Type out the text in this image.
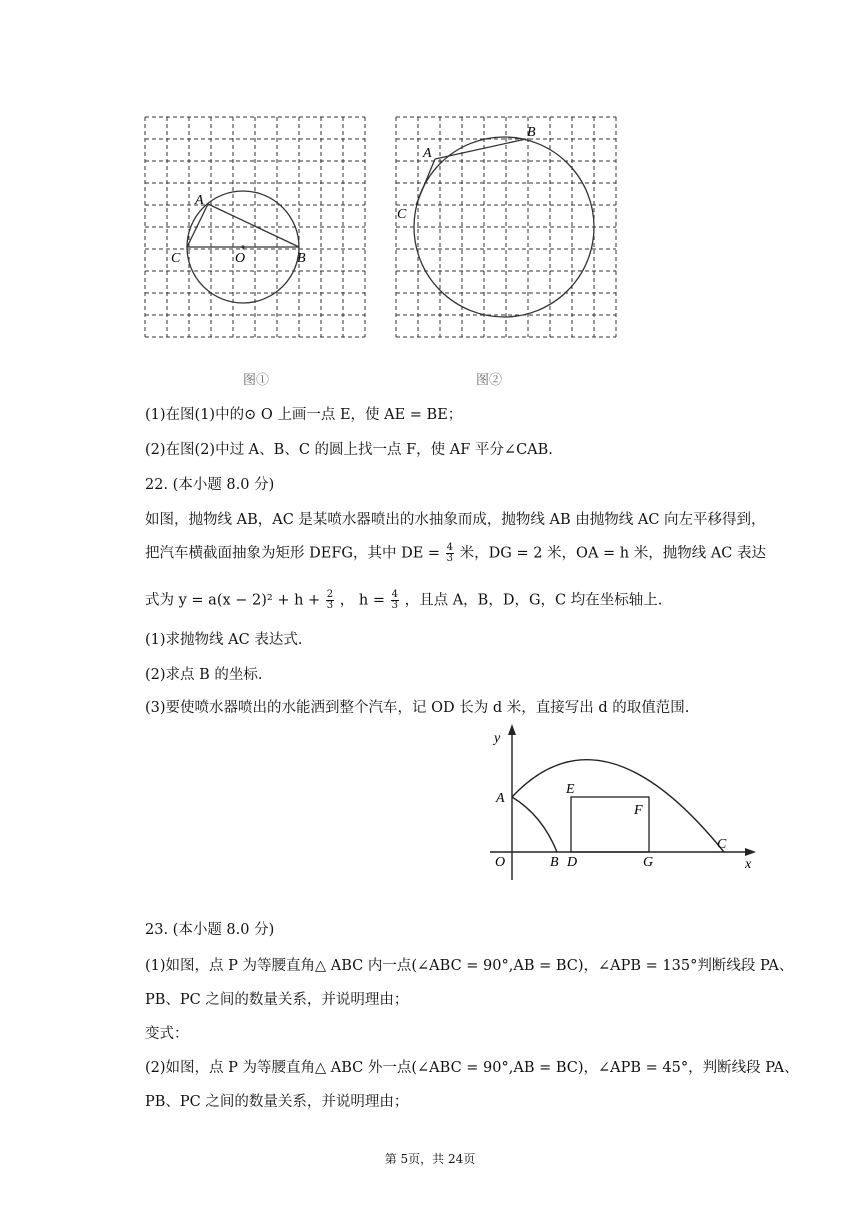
A
C	O	B
图①
A
B
C
图②
(1)在图(1)中的⊙ O 上画一点 E，使 AE = BE；
(2)在图(2)中过 A、B、C 的圆上找一点 F，使 AF 平分∠CAB.
22. (本小题 8.0 分)
如图，抛物线 AB，AC 是某喷水器喷出的水抽象而成，抛物线 AB 由抛物线 AC 向左平移得到，
把汽车横截面抽象为矩形 DEFG，其中 DE = $\frac{4}{3}$ 米，DG = 2 米，OA = h 米，抛物线 AC 表达
式为 $y = a(x - 2)^2 + h + \frac{2}{3}$ ， $h = \frac{4}{3}$ ，且点 A，B，D，G，C 均在坐标轴上.
(1)求抛物线 AC 表达式.
(2)求点 B 的坐标.
(3)要使喷水器喷出的水能洒到整个汽车，记 OD 长为 d 米，直接写出 d 的取值范围.
y
x
O
A
B D	G
C
E
F
23. (本小题 8.0 分)
(1)如图，点 P 为等腰直角△ ABC 内一点(∠ABC = 90°,AB = BC)，∠APB = 135°判断线段 PA、
PB、PC 之间的数量关系，并说明理由；
变式：
(2)如图，点 P 为等腰直角△ ABC 外一点(∠ABC = 90°,AB = BC)，∠APB = 45°，判断线段 PA、
PB、PC 之间的数量关系，并说明理由；
第 5页，共 24页
